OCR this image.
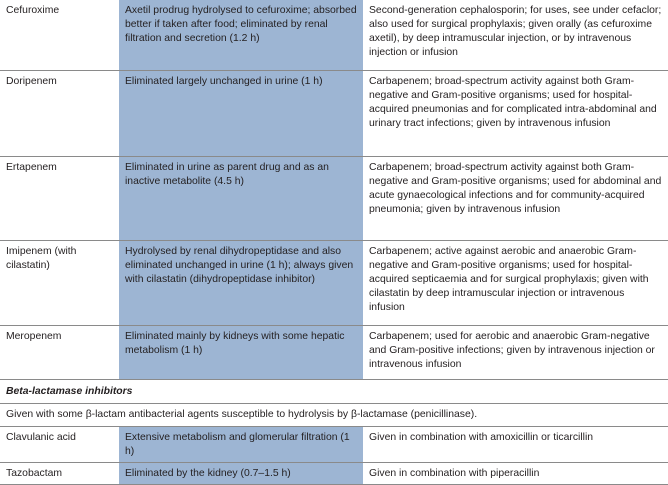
Cefuroxime	Axetil prodrug hydrolysed to cefuroxime; absorbed better if taken after food; eliminated by renal filtration and secretion (1.2 h)	Second-generation cephalosporin; for uses, see under cefaclor; also used for surgical prophylaxis; given orally (as cefuroxime axetil), by deep intramuscular injection, or by intravenous injection or infusion
Doripenem	Eliminated largely unchanged in urine (1 h)	Carbapenem; broad-spectrum activity against both Gram-negative and Gram-positive organisms; used for hospital-acquired pneumonias and for complicated intra-abdominal and urinary tract infections; given by intravenous infusion
Ertapenem	Eliminated in urine as parent drug and as an inactive metabolite (4.5 h)	Carbapenem; broad-spectrum activity against both Gram-negative and Gram-positive organisms; used for abdominal and acute gynaecological infections and for community-acquired pneumonia; given by intravenous infusion
Imipenem (with cilastatin)	Hydrolysed by renal dihydropeptidase and also eliminated unchanged in urine (1 h); always given with cilastatin (dihydropeptidase inhibitor)	Carbapenem; active against aerobic and anaerobic Gram-negative and Gram-positive organisms; used for hospital-acquired septicaemia and for surgical prophylaxis; given with cilastatin by deep intramuscular injection or intravenous infusion
Meropenem	Eliminated mainly by kidneys with some hepatic metabolism (1 h)	Carbapenem; used for aerobic and anaerobic Gram-negative and Gram-positive infections; given by intravenous injection or intravenous infusion
Beta-lactamase inhibitors		
Given with some β-lactam antibacterial agents susceptible to hydrolysis by β-lactamase (penicillinase).		
Clavulanic acid	Extensive metabolism and glomerular filtration (1 h)	Given in combination with amoxicillin or ticarcillin
Tazobactam	Eliminated by the kidney (0.7–1.5 h)	Given in combination with piperacillin
